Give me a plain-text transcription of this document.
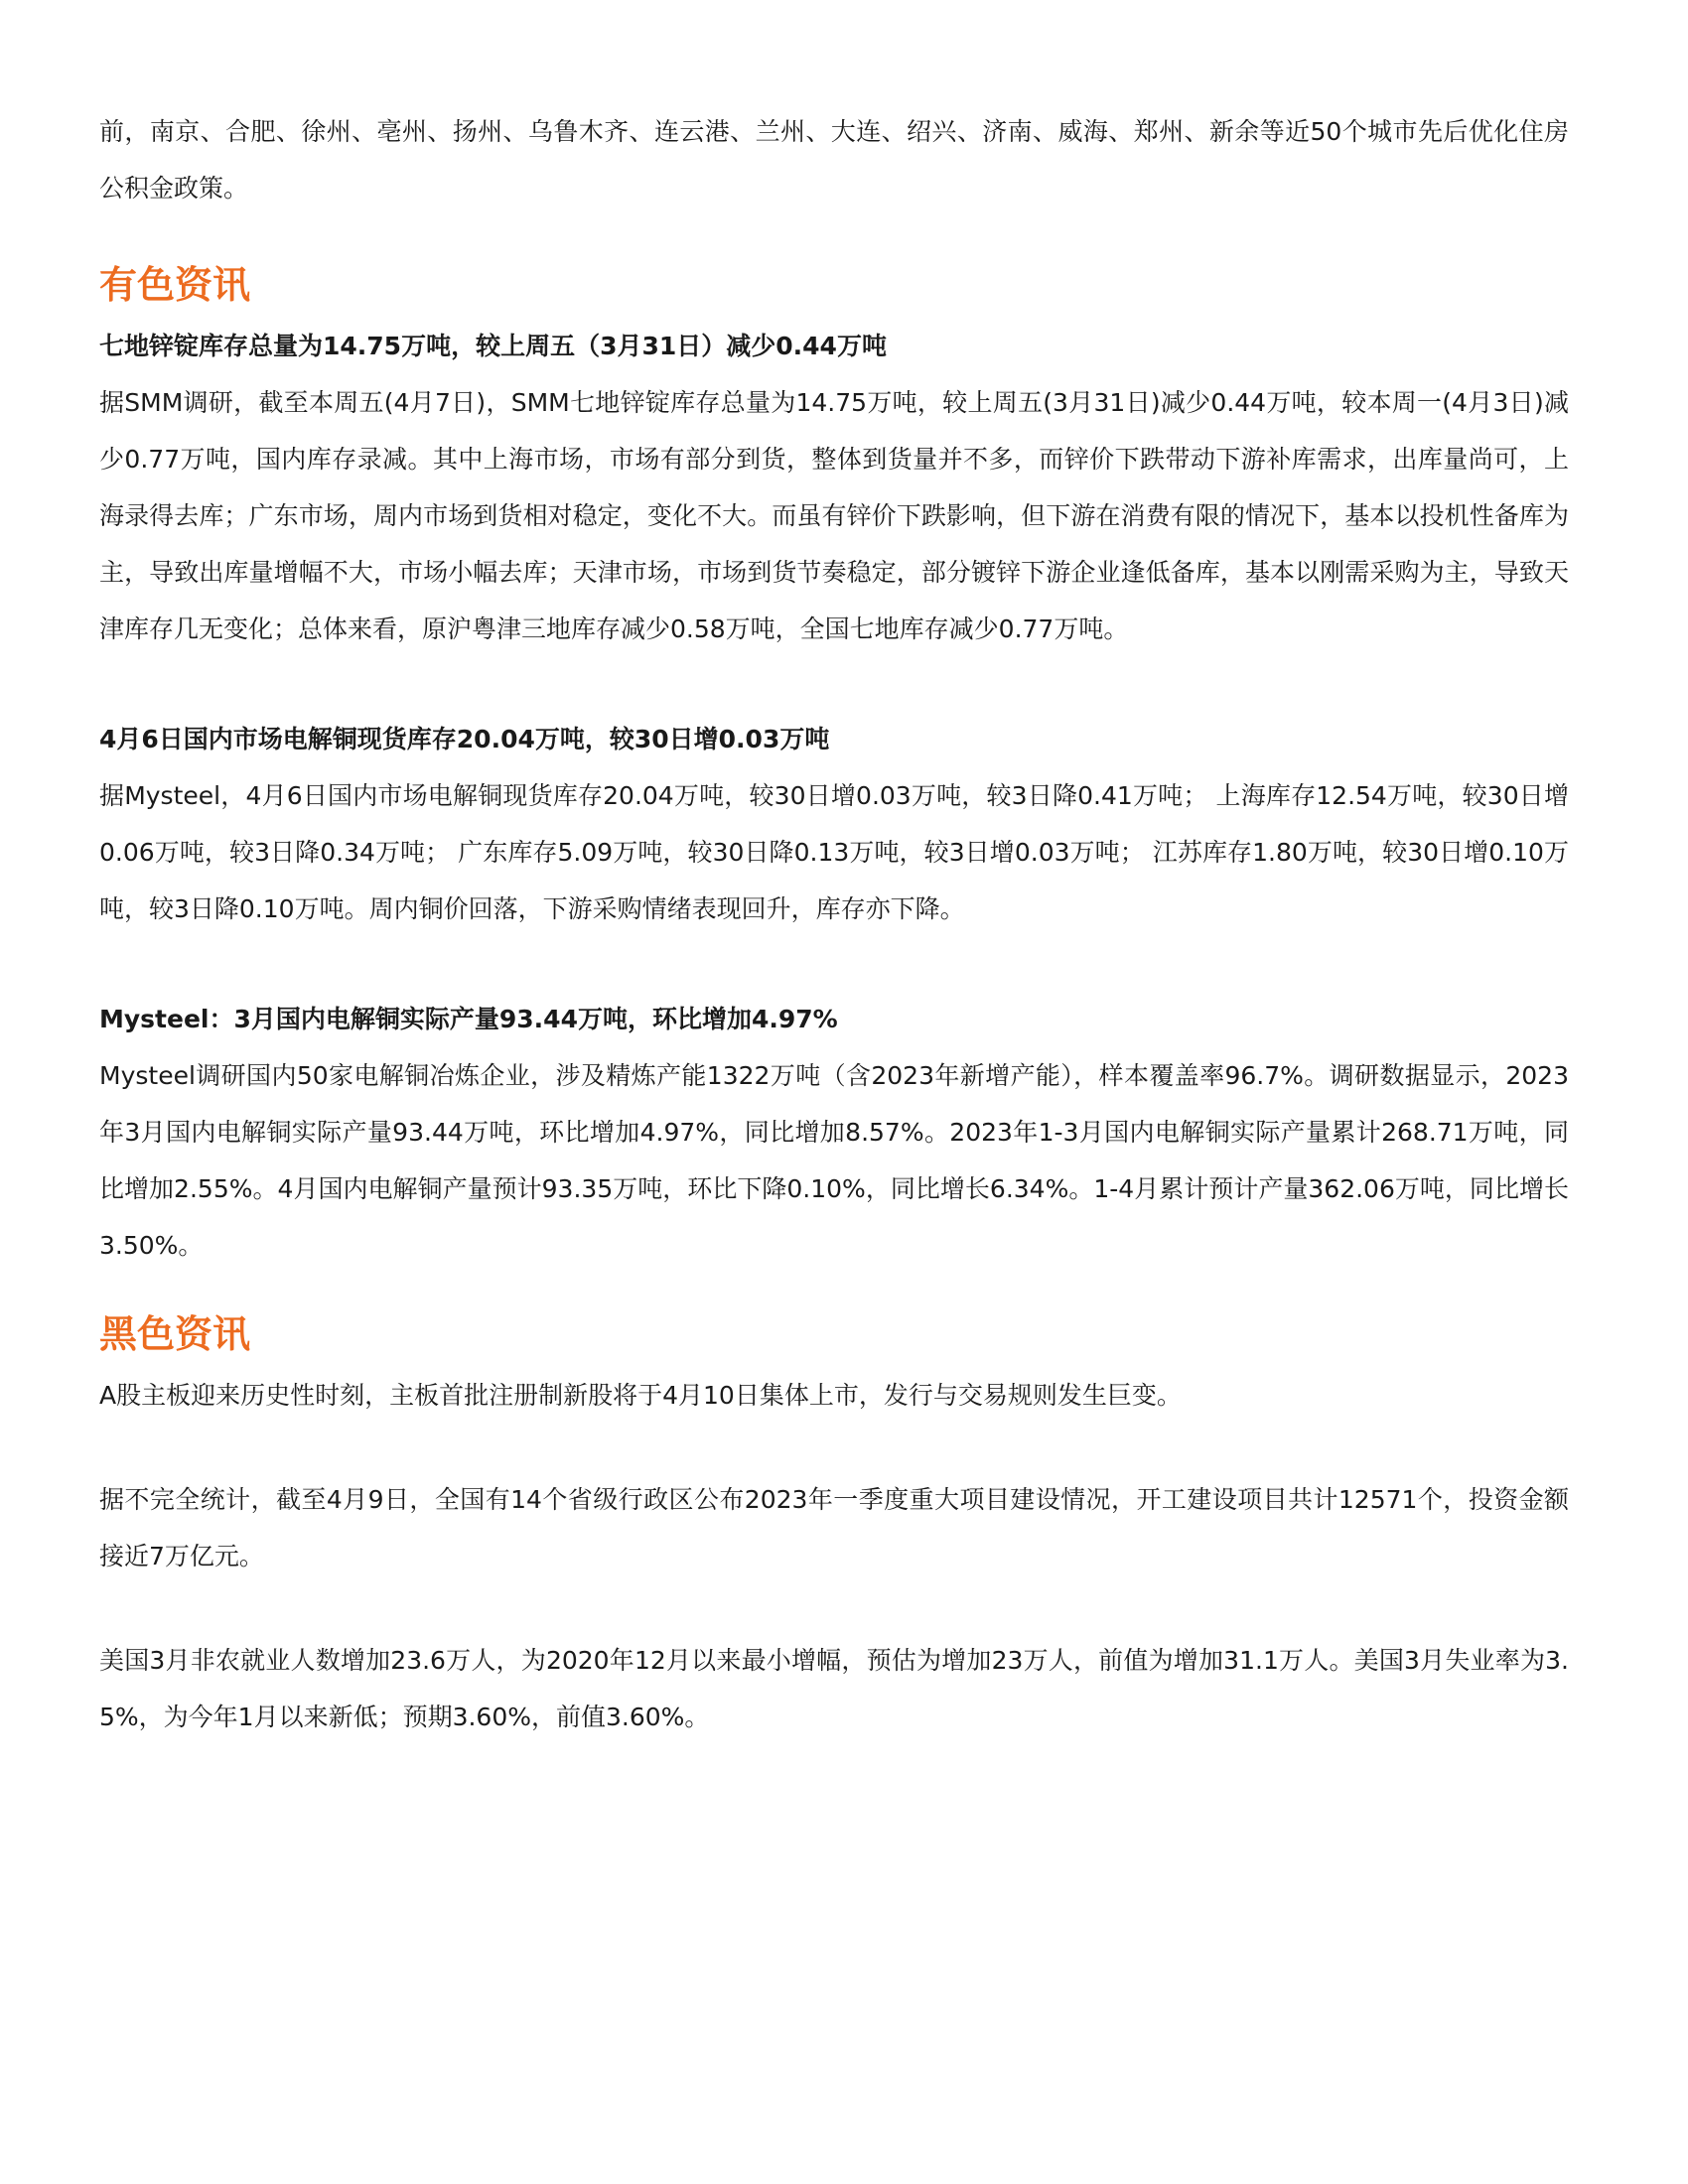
前，南京、合肥、徐州、亳州、扬州、乌鲁木齐、连云港、兰州、大连、绍兴、济南、威海、郑州、新余等近50个城市先后优化住房公积金政策。

有色资讯

七地锌锭库存总量为14.75万吨，较上周五（3月31日）减少0.44万吨

据SMM调研，截至本周五(4月7日)，SMM七地锌锭库存总量为14.75万吨，较上周五(3月31日)减少0.44万吨，较本周一(4月3日)减少0.77万吨，国内库存录减。其中上海市场，市场有部分到货，整体到货量并不多，而锌价下跌带动下游补库需求，出库量尚可，上海录得去库；广东市场，周内市场到货相对稳定，变化不大。而虽有锌价下跌影响，但下游在消费有限的情况下，基本以投机性备库为主，导致出库量增幅不大，市场小幅去库；天津市场，市场到货节奏稳定，部分镀锌下游企业逢低备库，基本以刚需采购为主，导致天津库存几无变化；总体来看，原沪粤津三地库存减少0.58万吨，全国七地库存减少0.77万吨。

4月6日国内市场电解铜现货库存20.04万吨，较30日增0.03万吨

据Mysteel，4月6日国内市场电解铜现货库存20.04万吨，较30日增0.03万吨，较3日降0.41万吨； 上海库存12.54万吨，较30日增0.06万吨，较3日降0.34万吨； 广东库存5.09万吨，较30日降0.13万吨，较3日增0.03万吨； 江苏库存1.80万吨，较30日增0.10万吨，较3日降0.10万吨。周内铜价回落，下游采购情绪表现回升，库存亦下降。

Mysteel：3月国内电解铜实际产量93.44万吨，环比增加4.97%

Mysteel调研国内50家电解铜冶炼企业，涉及精炼产能1322万吨（含2023年新增产能），样本覆盖率96.7%。调研数据显示，2023年3月国内电解铜实际产量93.44万吨，环比增加4.97%，同比增加8.57%。2023年1-3月国内电解铜实际产量累计268.71万吨，同比增加2.55%。4月国内电解铜产量预计93.35万吨，环比下降0.10%，同比增长6.34%。1-4月累计预计产量362.06万吨，同比增长3.50%。

黑色资讯

A股主板迎来历史性时刻，主板首批注册制新股将于4月10日集体上市，发行与交易规则发生巨变。

据不完全统计，截至4月9日，全国有14个省级行政区公布2023年一季度重大项目建设情况，开工建设项目共计12571个，投资金额接近7万亿元。

美国3月非农就业人数增加23.6万人，为2020年12月以来最小增幅，预估为增加23万人，前值为增加31.1万人。美国3月失业率为3.5%，为今年1月以来新低；预期3.60%，前值3.60%。
